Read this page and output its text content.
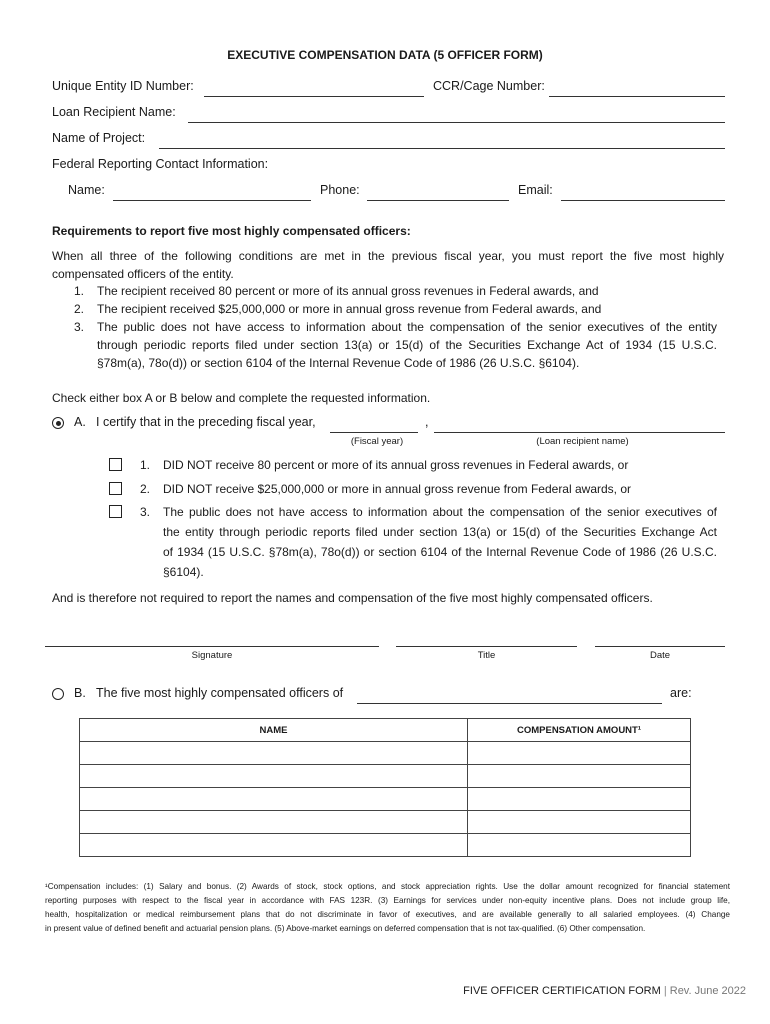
EXECUTIVE COMPENSATION DATA (5 OFFICER FORM)
Unique Entity ID Number:	CCR/Cage Number:
Loan Recipient Name:
Name of Project:
Federal Reporting Contact Information:
Name:	Phone:	Email:
Requirements to report five most highly compensated officers:
When all three of the following conditions are met in the previous fiscal year, you must report the five most highly
compensated officers of the entity.
1. The recipient received 80 percent or more of its annual gross revenues in Federal awards, and
2. The recipient received $25,000,000 or more in annual gross revenue from Federal awards, and
3. The public does not have access to information about the compensation of the senior executives of the entity
through periodic reports filed under section 13(a) or 15(d) of the Securities Exchange Act of 1934 (15 U.S.C.
§78m(a), 78o(d)) or section 6104 of the Internal Revenue Code of 1986 (26 U.S.C. §6104).
Check either box A or B below and complete the requested information.
A. I certify that in the preceding fiscal year,	,
(Fiscal year)	(Loan recipient name)
1. DID NOT receive 80 percent or more of its annual gross revenues in Federal awards, or
2. DID NOT receive $25,000,000 or more in annual gross revenue from Federal awards, or
3. The public does not have access to information about the compensation of the senior executives of
the entity through periodic reports filed under section 13(a) or 15(d) of the Securities Exchange Act
of 1934 (15 U.S.C. §78m(a), 78o(d)) or section 6104 of the Internal Revenue Code of 1986 (26 U.S.C.
§6104).
And is therefore not required to report the names and compensation of the five most highly compensated officers.
Signature	Title	Date
B. The five most highly compensated officers of	are:
NAME	COMPENSATION AMOUNT¹

¹Compensation includes: (1) Salary and bonus. (2) Awards of stock, stock options, and stock appreciation rights. Use the dollar amount recognized for financial statement
reporting purposes with respect to the fiscal year in accordance with FAS 123R. (3) Earnings for services under non-equity incentive plans. Does not include group life,
health, hospitalization or medical reimbursement plans that do not discriminate in favor of executives, and are available generally to all salaried employees. (4) Change
in present value of defined benefit and actuarial pension plans. (5) Above-market earnings on deferred compensation that is not tax-qualified. (6) Other compensation.
FIVE OFFICER CERTIFICATION FORM | Rev. June 2022
